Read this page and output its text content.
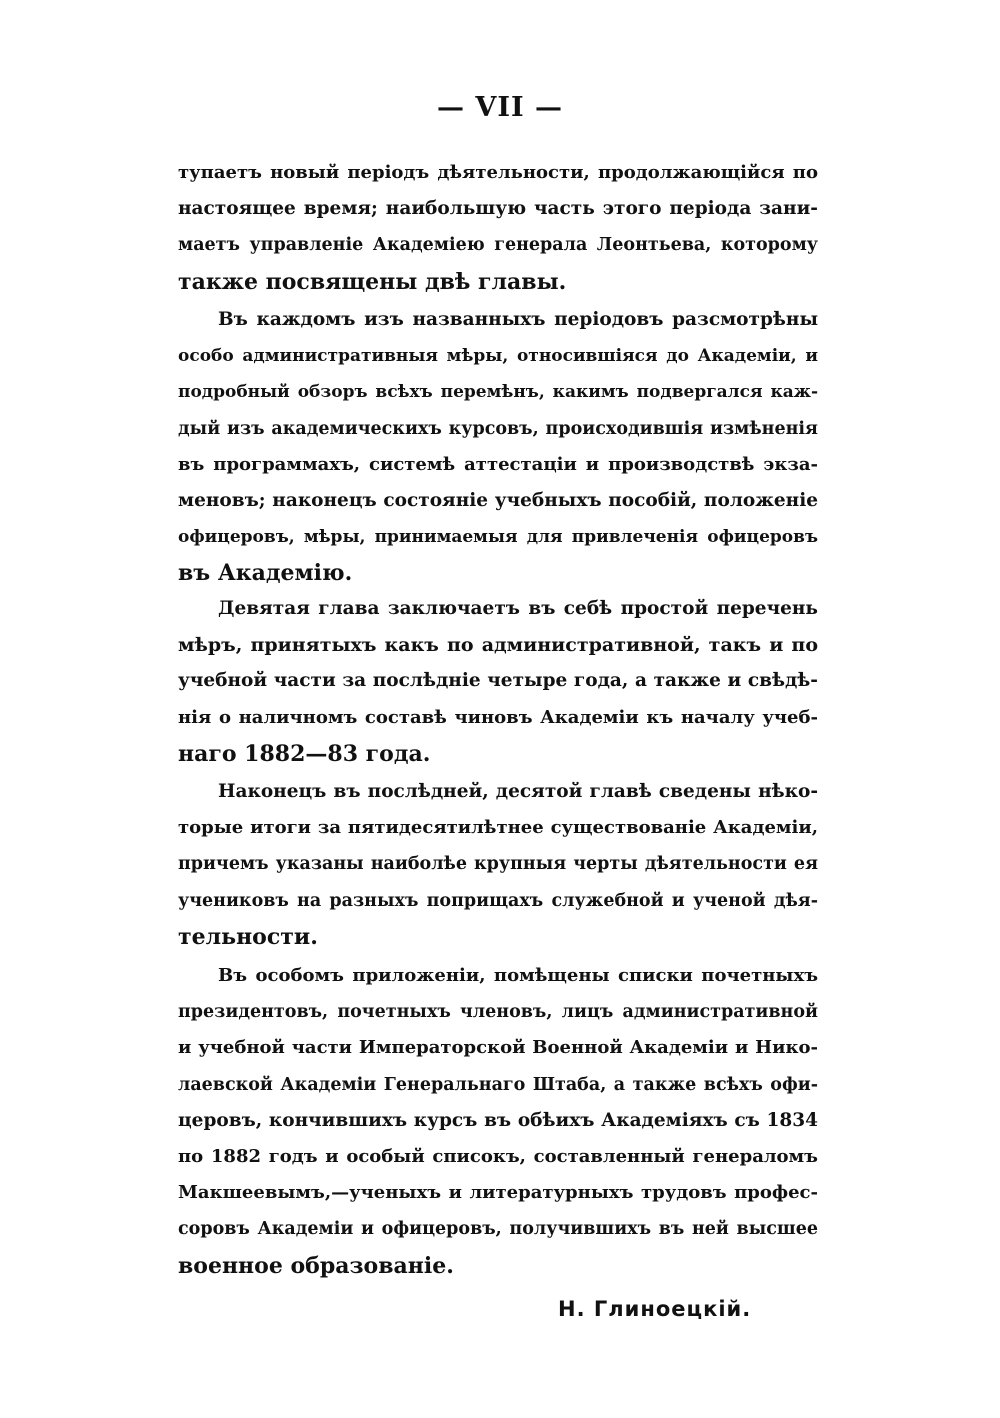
— VII —
тупаетъ новый періодъ дѣятельности, продолжающійся по
настоящее время; наибольшую часть этого періода зани-
маетъ управленіе Академіею генерала Леонтьева, которому
также посвящены двѣ главы.
Въ каждомъ изъ названныхъ періодовъ разсмотрѣны
особо административныя мѣры, относившіяся до Академіи, и
подробный обзоръ всѣхъ перемѣнъ, какимъ подвергался каж-
дый изъ академическихъ курсовъ, происходившія измѣненія
въ программахъ, системѣ аттестаціи и производствѣ экза-
меновъ; наконецъ состояніе учебныхъ пособій, положеніе
офицеровъ, мѣры, принимаемыя для привлеченія офицеровъ
въ Академію.
Девятая глава заключаетъ въ себѣ простой перечень
мѣръ, принятыхъ какъ по административной, такъ и по
учебной части за послѣдніе четыре года, а также и свѣдѣ-
нія о наличномъ составѣ чиновъ Академіи къ началу учеб-
наго 1882—83 года.
Наконецъ въ послѣдней, десятой главѣ сведены нѣко-
торые итоги за пятидесятилѣтнее существованіе Академіи,
причемъ указаны наиболѣе крупныя черты дѣятельности ея
учениковъ на разныхъ поприщахъ служебной и ученой дѣя-
тельности.
Въ особомъ приложеніи, помѣщены списки почетныхъ
президентовъ, почетныхъ членовъ, лицъ административной
и учебной части Императорской Военной Академіи и Нико-
лаевской Академіи Генеральнаго Штаба, а также всѣхъ офи-
церовъ, кончившихъ курсъ въ обѣихъ Академіяхъ съ 1834
по 1882 годъ и особый списокъ, составленный генераломъ
Макшеевымъ,—ученыхъ и литературныхъ трудовъ профес-
соровъ Академіи и офицеровъ, получившихъ въ ней высшее
военное образованіе.
Н. Глиноецкій.
